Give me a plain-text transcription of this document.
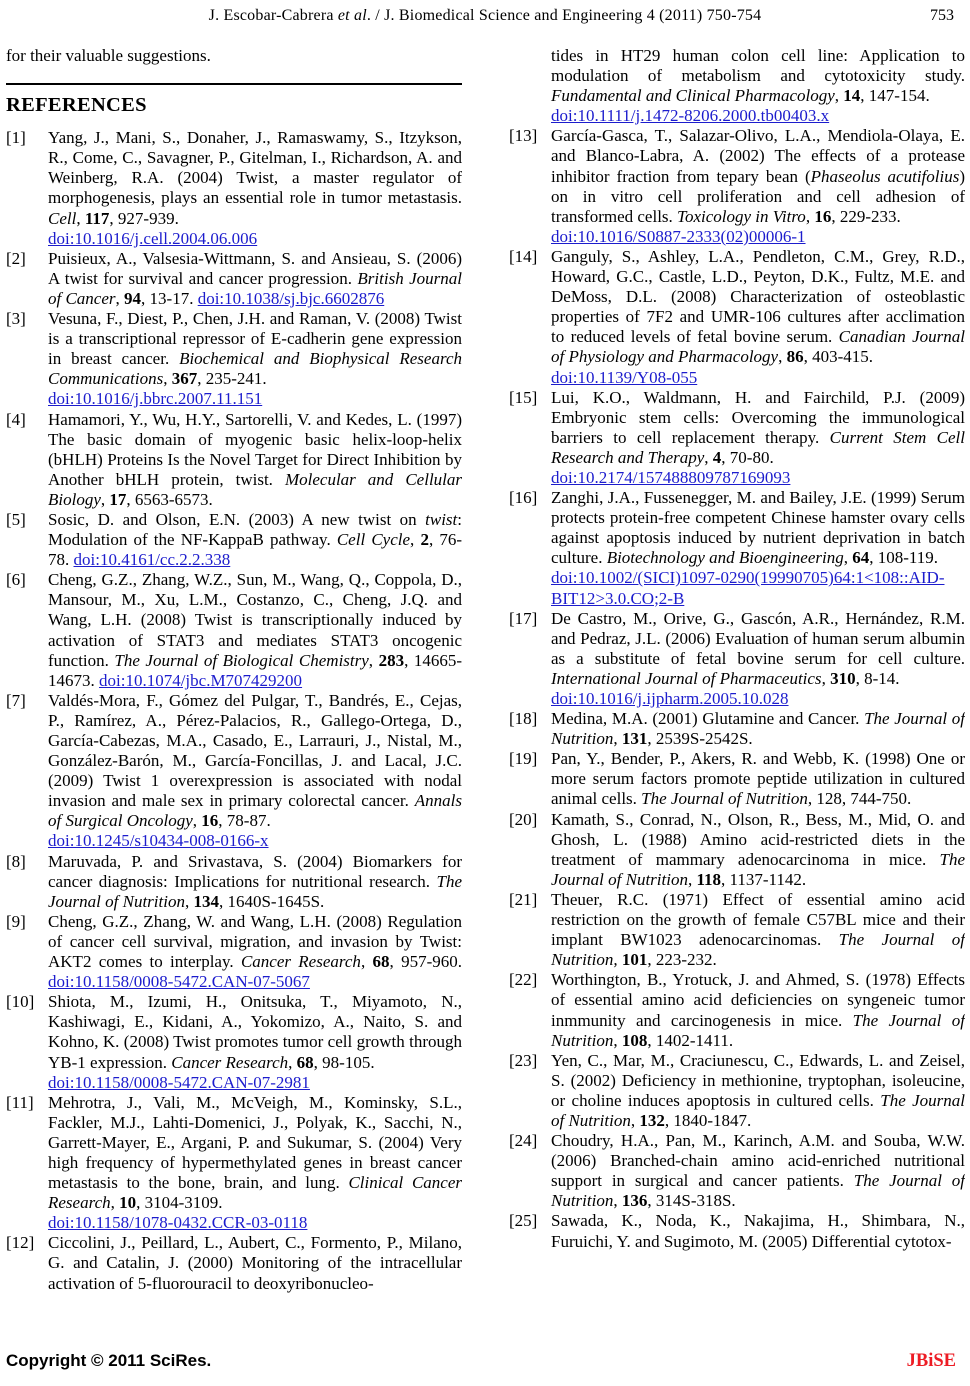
J. Escobar-Cabrera et al. / J. Biomedical Science and Engineering 4 (2011) 750-754	753

for their valuable suggestions.

REFERENCES
[1] Yang, J., Mani, S., Donaher, J., Ramaswamy, S., Itzykson, R., Come, C., Savagner, P., Gitelman, I., Richardson, A. and Weinberg, R.A. (2004) Twist, a master regulator of morphogenesis, plays an essential role in tumor metastasis. Cell, 117, 927-939.
doi:10.1016/j.cell.2004.06.006
[2] Puisieux, A., Valsesia-Wittmann, S. and Ansieau, S. (2006) A twist for survival and cancer progression. British Journal of Cancer, 94, 13-17. doi:10.1038/sj.bjc.6602876
[3] Vesuna, F., Diest, P., Chen, J.H. and Raman, V. (2008) Twist is a transcriptional repressor of E-cadherin gene expression in breast cancer. Biochemical and Biophysical Research Communications, 367, 235-241.
doi:10.1016/j.bbrc.2007.11.151
[4] Hamamori, Y., Wu, H.Y., Sartorelli, V. and Kedes, L. (1997) The basic domain of myogenic basic helix-loop-helix (bHLH) Proteins Is the Novel Target for Direct Inhibition by Another bHLH protein, twist. Molecular and Cellular Biology, 17, 6563-6573.
[5] Sosic, D. and Olson, E.N. (2003) A new twist on twist: Modulation of the NF-KappaB pathway. Cell Cycle, 2, 76-78. doi:10.4161/cc.2.2.338
[6] Cheng, G.Z., Zhang, W.Z., Sun, M., Wang, Q., Coppola, D., Mansour, M., Xu, L.M., Costanzo, C., Cheng, J.Q. and Wang, L.H. (2008) Twist is transcriptionally induced by activation of STAT3 and mediates STAT3 oncogenic function. The Journal of Biological Chemistry, 283, 14665-14673. doi:10.1074/jbc.M707429200
[7] Valdés-Mora, F., Gómez del Pulgar, T., Bandrés, E., Cejas, P., Ramírez, A., Pérez-Palacios, R., Gallego-Ortega, D., García-Cabezas, M.A., Casado, E., Larrauri, J., Nistal, M., González-Barón, M., García-Foncillas, J. and Lacal, J.C. (2009) Twist 1 overexpression is associated with nodal invasion and male sex in primary colorectal cancer. Annals of Surgical Oncology, 16, 78-87.
doi:10.1245/s10434-008-0166-x
[8] Maruvada, P. and Srivastava, S. (2004) Biomarkers for cancer diagnosis: Implications for nutritional research. The Journal of Nutrition, 134, 1640S-1645S.
[9] Cheng, G.Z., Zhang, W. and Wang, L.H. (2008) Regulation of cancer cell survival, migration, and invasion by Twist: AKT2 comes to interplay. Cancer Research, 68, 957-960. doi:10.1158/0008-5472.CAN-07-5067
[10] Shiota, M., Izumi, H., Onitsuka, T., Miyamoto, N., Kashiwagi, E., Kidani, A., Yokomizo, A., Naito, S. and Kohno, K. (2008) Twist promotes tumor cell growth through YB-1 expression. Cancer Research, 68, 98-105.
doi:10.1158/0008-5472.CAN-07-2981
[11] Mehrotra, J., Vali, M., McVeigh, M., Kominsky, S.L., Fackler, M.J., Lahti-Domenici, J., Polyak, K., Sacchi, N., Garrett-Mayer, E., Argani, P. and Sukumar, S. (2004) Very high frequency of hypermethylated genes in breast cancer metastasis to the bone, brain, and lung. Clinical Cancer Research, 10, 3104-3109.
doi:10.1158/1078-0432.CCR-03-0118
[12] Ciccolini, J., Peillard, L., Aubert, C., Formento, P., Milano, G. and Catalin, J. (2000) Monitoring of the intracellular activation of 5-fluorouracil to deoxyribonucleo-
tides in HT29 human colon cell line: Application to modulation of metabolism and cytotoxicity study. Fundamental and Clinical Pharmacology, 14, 147-154.
doi:10.1111/j.1472-8206.2000.tb00403.x
[13] García-Gasca, T., Salazar-Olivo, L.A., Mendiola-Olaya, E. and Blanco-Labra, A. (2002) The effects of a protease inhibitor fraction from tepary bean (Phaseolus acutifolius) on in vitro cell proliferation and cell adhesion of transformed cells. Toxicology in Vitro, 16, 229-233.
doi:10.1016/S0887-2333(02)00006-1
[14] Ganguly, S., Ashley, L.A., Pendleton, C.M., Grey, R.D., Howard, G.C., Castle, L.D., Peyton, D.K., Fultz, M.E. and DeMoss, D.L. (2008) Characterization of osteoblastic properties of 7F2 and UMR-106 cultures after acclimation to reduced levels of fetal bovine serum. Canadian Journal of Physiology and Pharmacology, 86, 403-415.
doi:10.1139/Y08-055
[15] Lui, K.O., Waldmann, H. and Fairchild, P.J. (2009) Embryonic stem cells: Overcoming the immunological barriers to cell replacement therapy. Current Stem Cell Research and Therapy, 4, 70-80.
doi:10.2174/157488809787169093
[16] Zanghi, J.A., Fussenegger, M. and Bailey, J.E. (1999) Serum protects protein-free competent Chinese hamster ovary cells against apoptosis induced by nutrient deprivation in batch culture. Biotechnology and Bioengineering, 64, 108-119.
doi:10.1002/(SICI)1097-0290(19990705)64:1<108::AID-BIT12>3.0.CO;2-B
[17] De Castro, M., Orive, G., Gascón, A.R., Hernández, R.M. and Pedraz, J.L. (2006) Evaluation of human serum albumin as a substitute of fetal bovine serum for cell culture. International Journal of Pharmaceutics, 310, 8-14.
doi:10.1016/j.ijpharm.2005.10.028
[18] Medina, M.A. (2001) Glutamine and Cancer. The Journal of Nutrition, 131, 2539S-2542S.
[19] Pan, Y., Bender, P., Akers, R. and Webb, K. (1998) One or more serum factors promote peptide utilization in cultured animal cells. The Journal of Nutrition, 128, 744-750.
[20] Kamath, S., Conrad, N., Olson, R., Bess, M., Mid, O. and Ghosh, L. (1988) Amino acid-restricted diets in the treatment of mammary adenocarcinoma in mice. The Journal of Nutrition, 118, 1137-1142.
[21] Theuer, R.C. (1971) Effect of essential amino acid restriction on the growth of female C57BL mice and their implant BW1023 adenocarcinomas. The Journal of Nutrition, 101, 223-232.
[22] Worthington, B., Yrotuck, J. and Ahmed, S. (1978) Effects of essential amino acid deficiencies on syngeneic tumor inmmunity and carcinogenesis in mice. The Journal of Nutrition, 108, 1402-1411.
[23] Yen, C., Mar, M., Craciunescu, C., Edwards, L. and Zeisel, S. (2002) Deficiency in methionine, tryptophan, isoleucine, or choline induces apoptosis in cultured cells. The Journal of Nutrition, 132, 1840-1847.
[24] Choudry, H.A., Pan, M., Karinch, A.M. and Souba, W.W. (2006) Branched-chain amino acid-enriched nutritional support in surgical and cancer patients. The Journal of Nutrition, 136, 314S-318S.
[25] Sawada, K., Noda, K., Nakajima, H., Shimbara, N., Furuichi, Y. and Sugimoto, M. (2005) Differential cytotox-
Copyright © 2011 SciRes.	JBiSE
